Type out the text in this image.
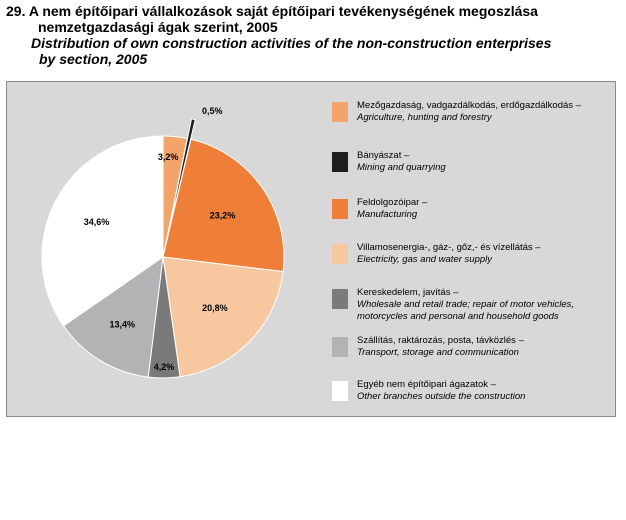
29. A nem építőipari vállalkozások saját építőipari tevékenységének megoszlása

nemzetgazdasági ágak szerint, 2005

Distribution of own construction activities of the non-construction enterprises

by section, 2005

3,2%
0,5%
23,2%
20,8%
4,2%
13,4%
34,6%
Mezőgazdaság, vadgazdálkodás, erdőgazdálkodás –
Agriculture, hunting and forestry
Bányászat –
Mining and quarrying
Feldolgozóipar –
Manufacturing
Villamosenergia-, gáz-, gőz,- és vízellátás –
Electricity, gas and water supply
Kereskedelem, javítás –
Wholesale and retail trade; repair of motor vehicles, motorcycles and personal and household goods
Szállítás, raktározás, posta, távközlés –
Transport, storage and communication
Egyéb nem építőipari ágazatok –
Other branches outside the construction
